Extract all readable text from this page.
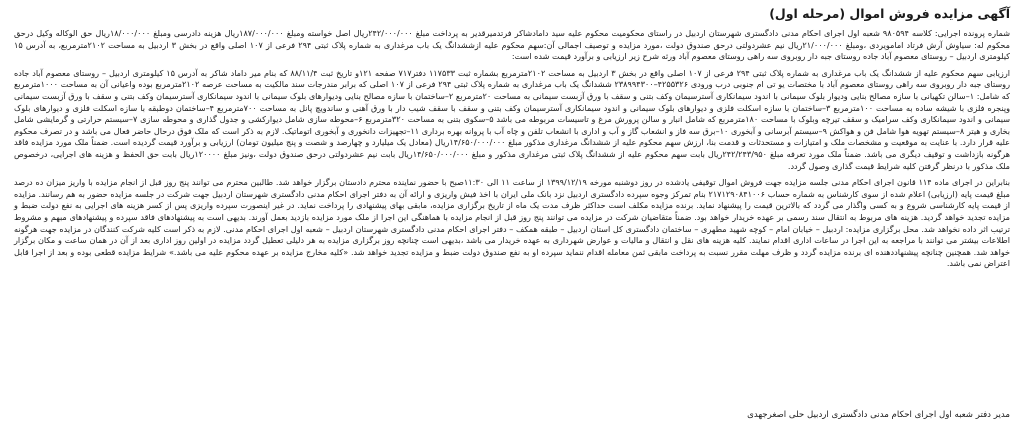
آگهی مزایده فروش اموال (مرحله اول)

شماره پرونده اجرایی: کلاسه ۹۸۰۵۹۴ شعبه اول اجرای احکام مدنی دادگستری شهرستان اردبیل در راستای محکومیت محکوم علیه سید دامادشاکر فرتدمیرقدیر به پرداخت مبلغ ۲۴۲/۰۰۰/۰۰۰ریال اصل خواسته ومبلغ ۱۸۷/۰۰۰/۰۰۰ریال هزینه دادرسی ومبلغ ۱۸/۰۰۰/۰۰۰ریال حق الوکاله وکیل درحق محکوم له: سیاوش آرش فرتاد امامویردی ،ومبلغ ۲۱/۰۰۰/۰۰۰ریال نیم عشردولتی درحق صندوق دولت ،مورد مزایده و توصیف اجمالی آن:سهم محکوم علیه ازششدانگ یک باب مرغداری به شماره پلاک ثبتی ۲۹۴ فرعی از ۱۰۷ اصلی واقع در بخش ۳ اردبیل به مساحت ۲۱۰۲مترمربع، به آدرس ۱۵ کیلومتری اردبیل – روستای معصوم آباد جاده روستای جبه دار روبروی سه راهی روستای معصوم آباد ورثه شرح زیر ارزیابی و برآورد قیمت شده است:

ارزیابی سهم محکوم علیه از ششدانگ یک باب مرغداری به شماره پلاک ثبتی ۲۹۴ فرعی از ۱۰۷ اصلی واقع در بخش ۳ اردبیل به مساحت ۲۱۰۲مترمربع بشماره ثبت ۱۱۷۵۳۳ دفتر۷۱۷ صفحه ۱۲۱و تاریخ ثبت ۸۸/۱۱/۴ که بنام میر داماد شاکر به آدرس ۱۵ کیلومتری اردبیل – روستای معصوم آباد جاده روستای جبه دار روبروی سه راهی روستای معصوم آباد با مختصات یو تی ام جنوبی درب ورودی ۴۲۵۵۳۲۶–۲۳۸۹۹۴۳۰۰ ششدانگ یک باب مرغداری به شماره پلاک ثبتی ۲۹۴ فرعی از ۱۰۷ اصلی که برابر مندرجات سند مالکیت به مساحت عرصه ۲۱۰۲مترمربع بوده واعیانی آن به مساحت ۱۰۰۰مترمربع که شامل: ۱–سالن تکهیانی با سازه مصالح بنایی ودیوار بلوک سیمانی با اندود سیمانکاری آسترسیمان وکف بتنی و سقف با ورق آزبست سیمانی به مساحت ۲۰مترمربع ۲–ساختمان با سازه مصالح بنایی ودیوارهای بلوک سیمانی با اندود سیمانکاری آسترسیمان وکف بتنی و سقف با ورق آزبست سیمانی وپنجره فلزی با شیشه ساده به مساحت ۱۰۰مترمربع ۳–ساختمان با سازه اسکلت فلزی و دیوارهای بلوک سیمانی و اندود سیمانکاری آسترسیمان وکف بتنی و سقف با سقف شیب دار با ورق آهنی و ساندویچ پانل به مساحت ۷۰۰مترمربع ۴–ساختمان دوطبقه با سازه اسکلت فلزی و دیوارهای بلوک سیمانی و اندود سیمانکاری وکف سرامیک و سقف تیرچه وبلوک با مساحت ۱۸۰مترمربع که شامل انبار و سالن پرورش مرغ و تاسیسات مربوطه می باشد ۵–سکوی بتنی به مساحت ۳۲۰مترمربع ۶–محوطه سازی شامل دیوارکشی و جدول گذاری و محوطه سازی ۷–سیستم حرارتی و گرمایشی شامل بخاری و هیتر ۸–سیستم تهویه هوا شامل فن و هواکش ۹–سیستم آبرسانی و آبخوری ۱۰–برق سه فاز و انشعاب گاز و آب و اداری با انشعاب تلفن و چاه آب با پروانه بهره برداری ۱۱–تجهیزات دانخوری و آبخوری اتوماتیک. لازم به ذکر است که ملک فوق درحال حاضر فعال می باشد و در تصرف محکوم علیه قرار دارد. با عنایت به موقعیت و مشخصات ملک و امتیازات و مستحدثات و قدمت بنا، ارزش سهم محکوم علیه از ششدانگ مرغداری مذکور مبلغ ۱۴/۶۵۰/۰۰۰/۰۰۰ریال (معادل یک میلیارد و چهارصد و شصت و پنج میلیون تومان) ارزیابی و برآورد قیمت گردیده است. ضمناً ملک مورد مزایده فاقد هرگونه بازداشت و توقیف دیگری می باشد. ضمناً ملک مورد تعرفه مبلغ ۲۴۲/۲۴۳/۹۵۰ریال بابت سهم محکوم علیه از ششدانگ پلاک ثبتی مرغداری مذکور و مبلغ ۱۴/۶۵۰/۰۰۰/۰۰۰ریال بابت نیم عشردولتی درحق صندوق دولت ،ونیز مبلغ ۱۲۰۰۰۰ریال بابت حق الحفظ و هزینه های اجرایی، درخصوص ملک مذکور با درنظر گرفتن کلیه شرایط قیمت گذاری وصول گردد.

بنابراین در اجرای ماده ۱۱۴ قانون اجرای احکام مدنی جلسه مزایده جهت فروش اموال توقیفی یادشده در روز دوشنبه مورخه ۱۳۹۹/۱۲/۱۹ از ساعت ۱۱ الی ۱۱:۳۰صبح با حضور نماینده محترم دادستان برگزار خواهد شد. طالبین محترم می توانند پنج روز قبل از انجام مزایده با واریز میزان ده درصد مبلغ قیمت پایه (ارزیابی) اعلام شده از سوی کارشناس به شماره حساب ۲۱۷۱۲۹۰۸۴۱۰۰۶ بنام تمرکز وجوه سپرده دادگستری اردبیل نزد بانک ملی ایران با اخذ فیش واریزی و ارائه آن به دفتر اجرای احکام مدنی دادگستری شهرستان اردبیل جهت شرکت در جلسه مزایده حضور به هم رسانند. مزایده از قیمت پایه کارشناسی شروع و به کسی واگذار می گردد که بالاترین قیمت را پیشنهاد نماید. برنده مزایده مکلف است حداکثر ظرف مدت یک ماه از تاریخ برگزاری مزایده، مابقی بهای پیشنهادی را پرداخت نماید. در غیر اینصورت سپرده واریزی پس از کسر هزینه های اجرایی به نفع دولت ضبط و مزایده تجدید خواهد گردید. هزینه های مربوط به انتقال سند رسمی بر عهده خریدار خواهد بود. ضمناً متقاضیان شرکت در مزایده می توانند پنج روز قبل از انجام مزایده با هماهنگی این اجرا از ملک مورد مزایده بازدید بعمل آورند. بدیهی است به پیشنهادهای فاقد سپرده و پیشنهادهای مبهم و مشروط ترتیب اثر داده نخواهد شد. محل برگزاری مزایده: اردبیل – خیابان امام – کوچه شهید مطهری – ساختمان دادگستری کل استان اردبیل – طبقه همکف – دفتر اجرای احکام مدنی دادگستری شهرستان اردبیل – شعبه اول اجرای احکام مدنی. لازم به ذکر است کلیه شرکت کنندگان در مزایده جهت هرگونه اطلاعات بیشتر می توانند با مراجعه به این اجرا در ساعات اداری اقدام نمایند. کلیه هزینه های نقل و انتقال و مالیات و عوارض شهرداری به عهده خریدار می باشد ،بدیهی است چنانچه روز برگزاری مزایده به هر دلیلی تعطیل گردد مزایده در اولین روز اداری بعد از آن در همان ساعت و مکان برگزار خواهد شد. همچنین چنانچه پیشنهاددهنده ای برنده مزایده گردد و ظرف مهلت مقرر نسبت به پرداخت مابقی ثمن معامله اقدام ننماید سپرده او به نفع صندوق دولت ضبط و مزایده تجدید خواهد شد. «کلیه مخارج مزایده بر عهده محکوم علیه می باشد.» شرایط مزایده قطعی بوده و بعد از اجرا قابل اعتراض نمی باشد.

مدیر دفتر شعبه اول اجرای احکام مدنی دادگستری اردبیل حلی اصغرجهدی
